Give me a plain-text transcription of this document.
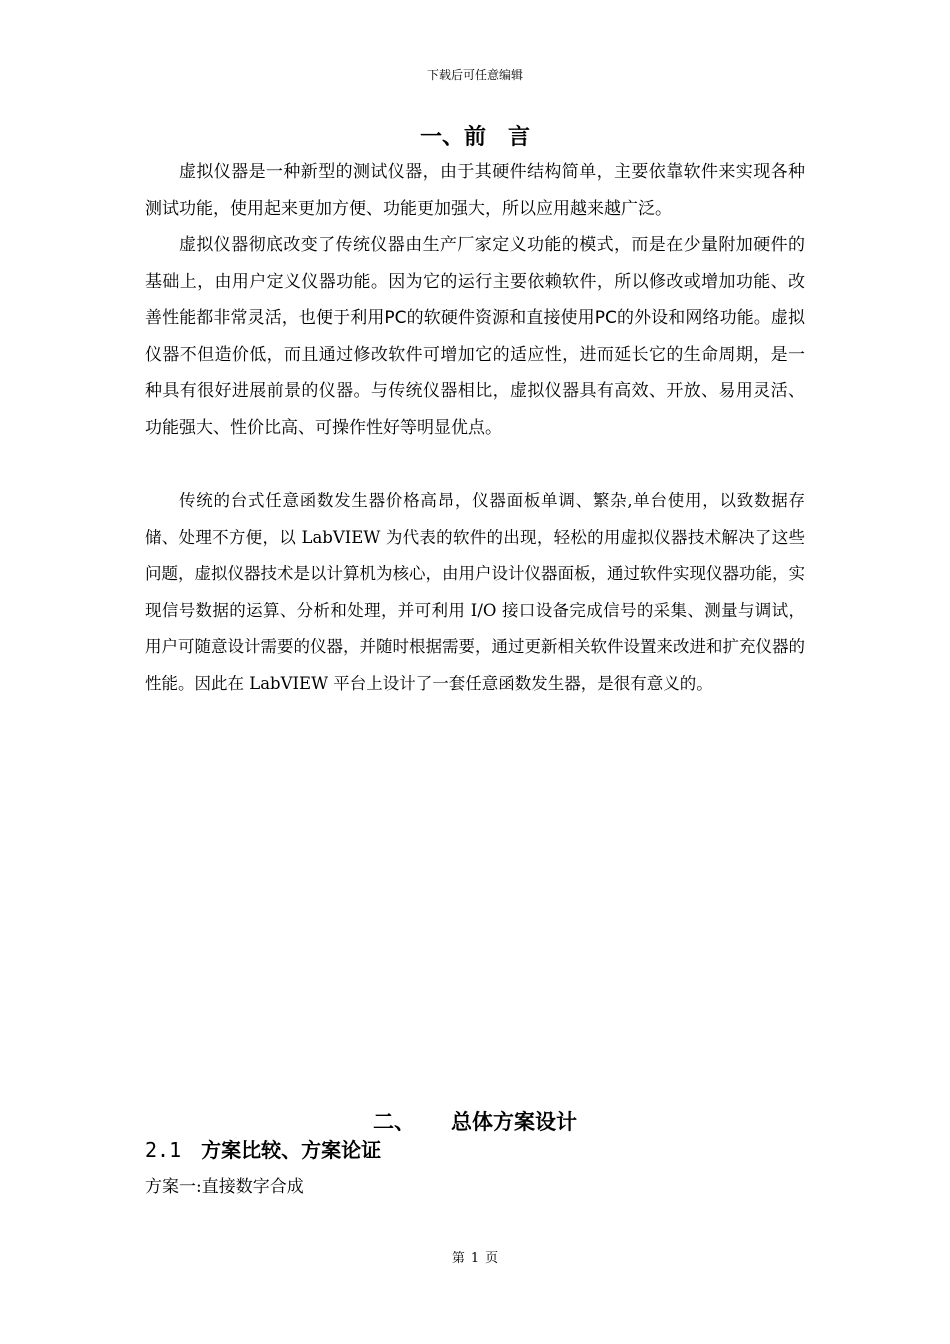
下载后可任意编辑
一、前 言

虚拟仪器是一种新型的测试仪器，由于其硬件结构简单，主要依靠软件来实现各种测试功能，使用起来更加方便、功能更加强大，所以应用越来越广泛。

虚拟仪器彻底改变了传统仪器由生产厂家定义功能的模式，而是在少量附加硬件的基础上，由用户定义仪器功能。因为它的运行主要依赖软件，所以修改或增加功能、改善性能都非常灵活，也便于利用PC的软硬件资源和直接使用PC的外设和网络功能。虚拟仪器不但造价低，而且通过修改软件可增加它的适应性，进而延长它的生命周期，是一种具有很好进展前景的仪器。与传统仪器相比，虚拟仪器具有高效、开放、易用灵活、功能强大、性价比高、可操作性好等明显优点。

传统的台式任意函数发生器价格高昂，仪器面板单调、繁杂,单台使用，以致数据存储、处理不方便，以 LabVIEW 为代表的软件的出现，轻松的用虚拟仪器技术解决了这些问题，虚拟仪器技术是以计算机为核心，由用户设计仪器面板，通过软件实现仪器功能，实现信号数据的运算、分析和处理，并可利用 I/O 接口设备完成信号的采集、测量与调试，用户可随意设计需要的仪器，并随时根据需要，通过更新相关软件设置来改进和扩充仪器的性能。因此在 LabVIEW 平台上设计了一套任意函数发生器，是很有意义的。

二、 总体方案设计
2.1 方案比较、方案论证
方案一:直接数字合成
第 1 页
